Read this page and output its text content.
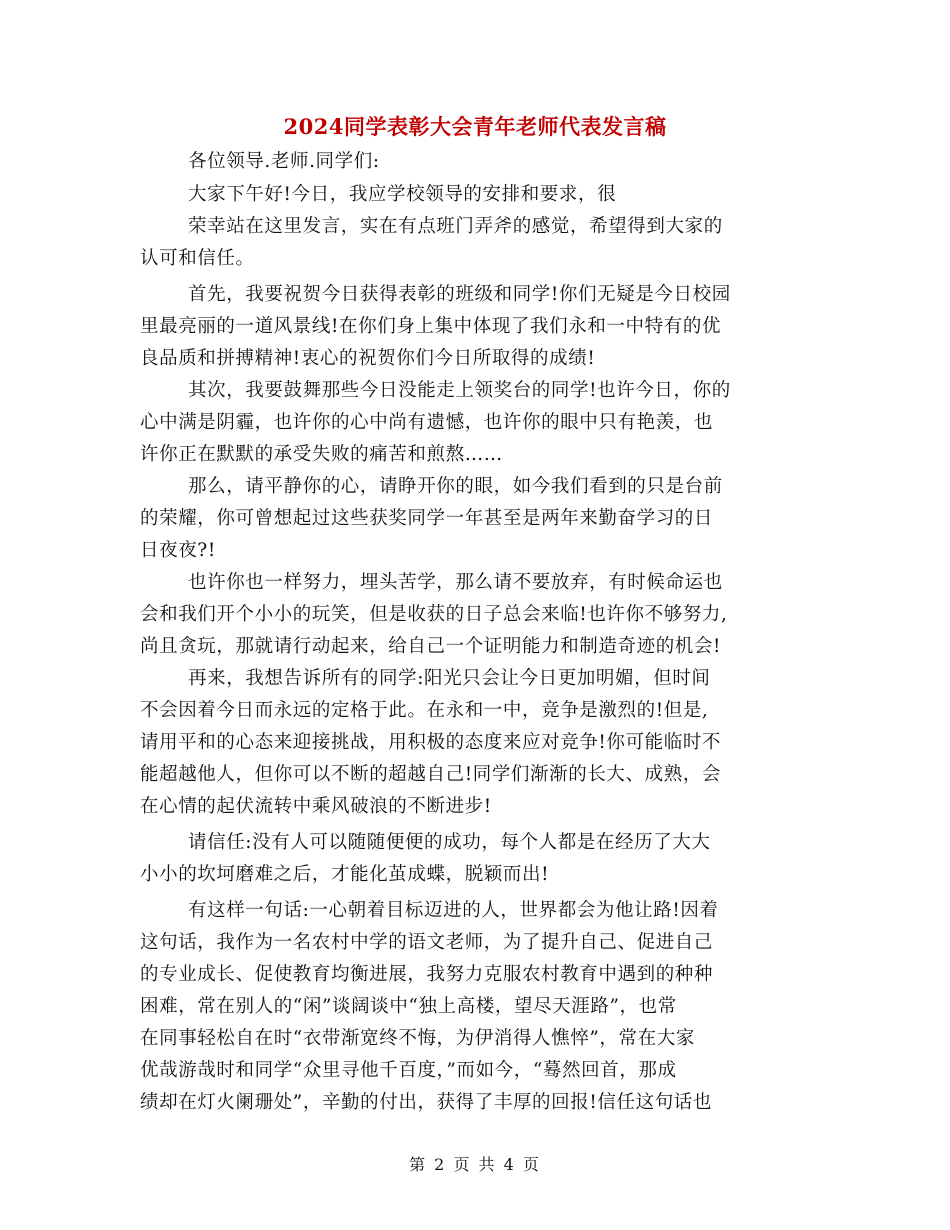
2024同学表彰大会青年老师代表发言稿
各位领导.老师.同学们:
大家下午好!今日，我应学校领导的安排和要求，很
荣幸站在这里发言，实在有点班门弄斧的感觉，希望得到大家的
认可和信任。
首先，我要祝贺今日获得表彰的班级和同学!你们无疑是今日校园
里最亮丽的一道风景线!在你们身上集中体现了我们永和一中特有的优
良品质和拼搏精神!衷心的祝贺你们今日所取得的成绩!
其次，我要鼓舞那些今日没能走上领奖台的同学!也许今日，你的
心中满是阴霾，也许你的心中尚有遗憾，也许你的眼中只有艳羡，也
许你正在默默的承受失败的痛苦和煎熬……
那么，请平静你的心，请睁开你的眼，如今我们看到的只是台前
的荣耀，你可曾想起过这些获奖同学一年甚至是两年来勤奋学习的日
日夜夜?!
也许你也一样努力，埋头苦学，那么请不要放弃，有时候命运也
会和我们开个小小的玩笑，但是收获的日子总会来临!也许你不够努力,
尚且贪玩，那就请行动起来，给自己一个证明能力和制造奇迹的机会!
再来，我想告诉所有的同学:阳光只会让今日更加明媚，但时间
不会因着今日而永远的定格于此。在永和一中，竞争是激烈的!但是,
请用平和的心态来迎接挑战，用积极的态度来应对竞争!你可能临时不
能超越他人，但你可以不断的超越自己!同学们渐渐的长大、成熟，会
在心情的起伏流转中乘风破浪的不断进步!
请信任:没有人可以随随便便的成功，每个人都是在经历了大大
小小的坎坷磨难之后，才能化茧成蝶，脱颖而出!
有这样一句话:一心朝着目标迈进的人，世界都会为他让路!因着
这句话，我作为一名农村中学的语文老师，为了提升自己、促进自己
的专业成长、促使教育均衡进展，我努力克服农村教育中遇到的种种
困难，常在别人的“闲”谈阔谈中“独上高楼，望尽天涯路”，也常
在同事轻松自在时“衣带渐宽终不悔，为伊消得人憔悴”，常在大家
优哉游哉时和同学“众里寻他千百度，”而如今，“蓦然回首，那成
绩却在灯火阑珊处”，辛勤的付出，获得了丰厚的回报!信任这句话也
第 2 页 共 4 页
